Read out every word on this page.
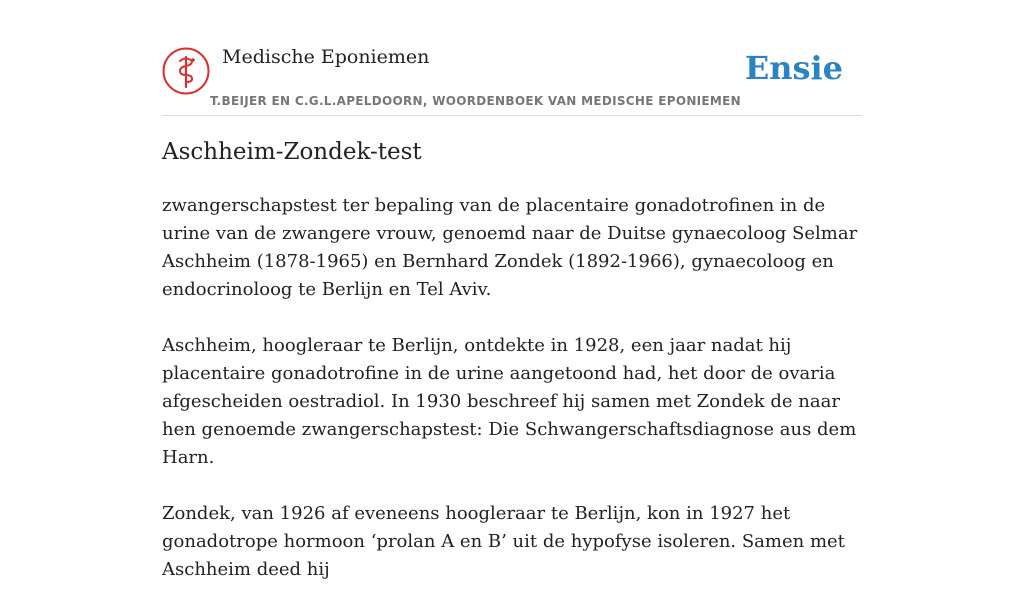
Medische Eponiemen
T.BEIJER EN C.G.L.APELDOORN, WOORDENBOEK VAN MEDISCHE EPONIEMEN
Ensie
Aschheim-Zondek-test

zwangerschapstest ter bepaling van de placentaire gonadotrofinen in de urine van de zwangere vrouw, genoemd naar de Duitse gynaecoloog Selmar Aschheim (1878-1965) en Bernhard Zondek (1892-1966), gynaecoloog en endocrinoloog te Berlijn en Tel Aviv.

Aschheim, hoogleraar te Berlijn, ontdekte in 1928, een jaar nadat hij placentaire gonadotrofine in de urine aangetoond had, het door de ovaria afgescheiden oestradiol. In 1930 beschreef hij samen met Zondek de naar hen genoemde zwangerschapstest: Die Schwangerschaftsdiagnose aus dem Harn.

Zondek, van 1926 af eveneens hoogleraar te Berlijn, kon in 1927 het gonadotrope hormoon ‘prolan A en B’ uit de hypofyse isoleren. Samen met Aschheim deed hij
